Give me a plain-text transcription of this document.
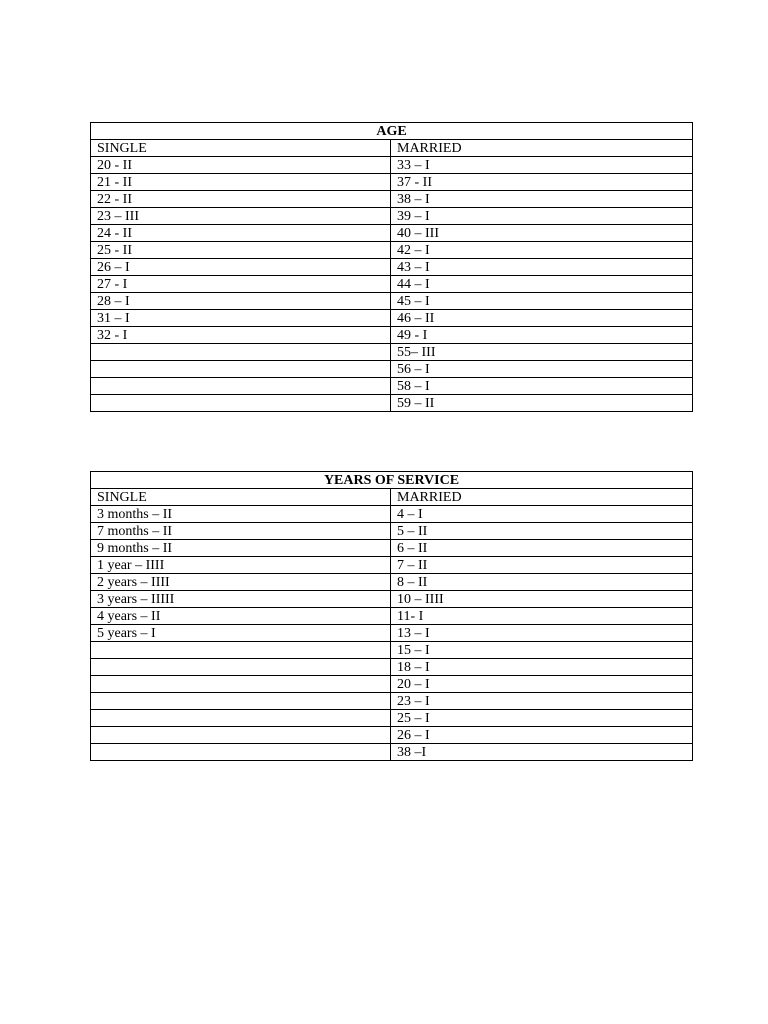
AGE	
SINGLE	MARRIED
20 - II	33 – I
21 - II	37 - II
22 - II	38 – I
23 – III	39 – I
24 - II	40 – III
25 - II	42 – I
26 – I	43 – I
27 - I	44 – I
28 – I	45 – I
31 – I	46 – II
32 - I	49 - I
	55– III
	56 – I
	58 – I
	59 – II
YEARS OF SERVICE	
SINGLE	MARRIED
3 months – II	4 – I
7 months – II	5 – II
9 months – II	6 – II
1 year – IIII	7 – II
2 years – IIII	8 – II
3 years – IIIII	10 – IIII
4 years – II	11- I
5 years – I	13 – I
	15 – I
	18 – I
	20 – I
	23 – I
	25 – I
	26 – I
	38 –I
